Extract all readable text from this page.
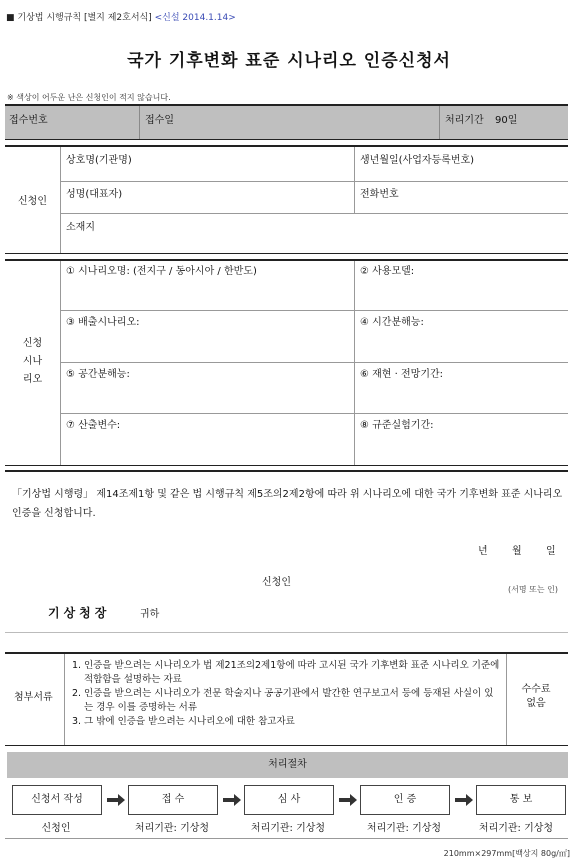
■ 기상법 시행규칙 [별지 제2호서식] <신설 2014.1.14>
국가 기후변화 표준 시나리오 인증신청서
※ 색상이 어두운 난은 신청인이 적지 않습니다.
접수번호	접수일	처리기간 90일
신청인
상호명(기관명)	생년월일(사업자등록번호)
성명(대표자)	전화번호
소재지
신청
시나
리오
① 시나리오명: (전지구 / 동아시아 / 한반도)	② 사용모델:
③ 배출시나리오:	④ 시간분해능:
⑤ 공간분해능:	⑥ 재현 · 전망기간:
⑦ 산출변수:	⑧ 규준실험기간:
「기상법 시행령」 제14조제1항 및 같은 법 시행규칙 제5조의2제2항에 따라 위 시나리오에 대한 국가 기후변화 표준 시나리오 인증을 신청합니다.
년 월 일
신청인
(서명 또는 인)
기상청장	귀하
첨부서류
1. 인증을 받으려는 시나리오가 법 제21조의2제1항에 따라 고시된 국가 기후변화 표준 시나리오 기준에 적합함을 설명하는 자료
2. 인증을 받으려는 시나리오가 전문 학술지나 공공기관에서 발간한 연구보고서 등에 등재된 사실이 있는 경우 이를 증명하는 서류
3. 그 밖에 인증을 받으려는 시나리오에 대한 참고자료
수수료
없음
처리절차
신청서 작성	접 수	심 사	인 증	통 보
신청인	처리기관: 기상청	처리기관: 기상청	처리기관: 기상청	처리기관: 기상청
210mm×297mm[백상지 80g/㎡]
